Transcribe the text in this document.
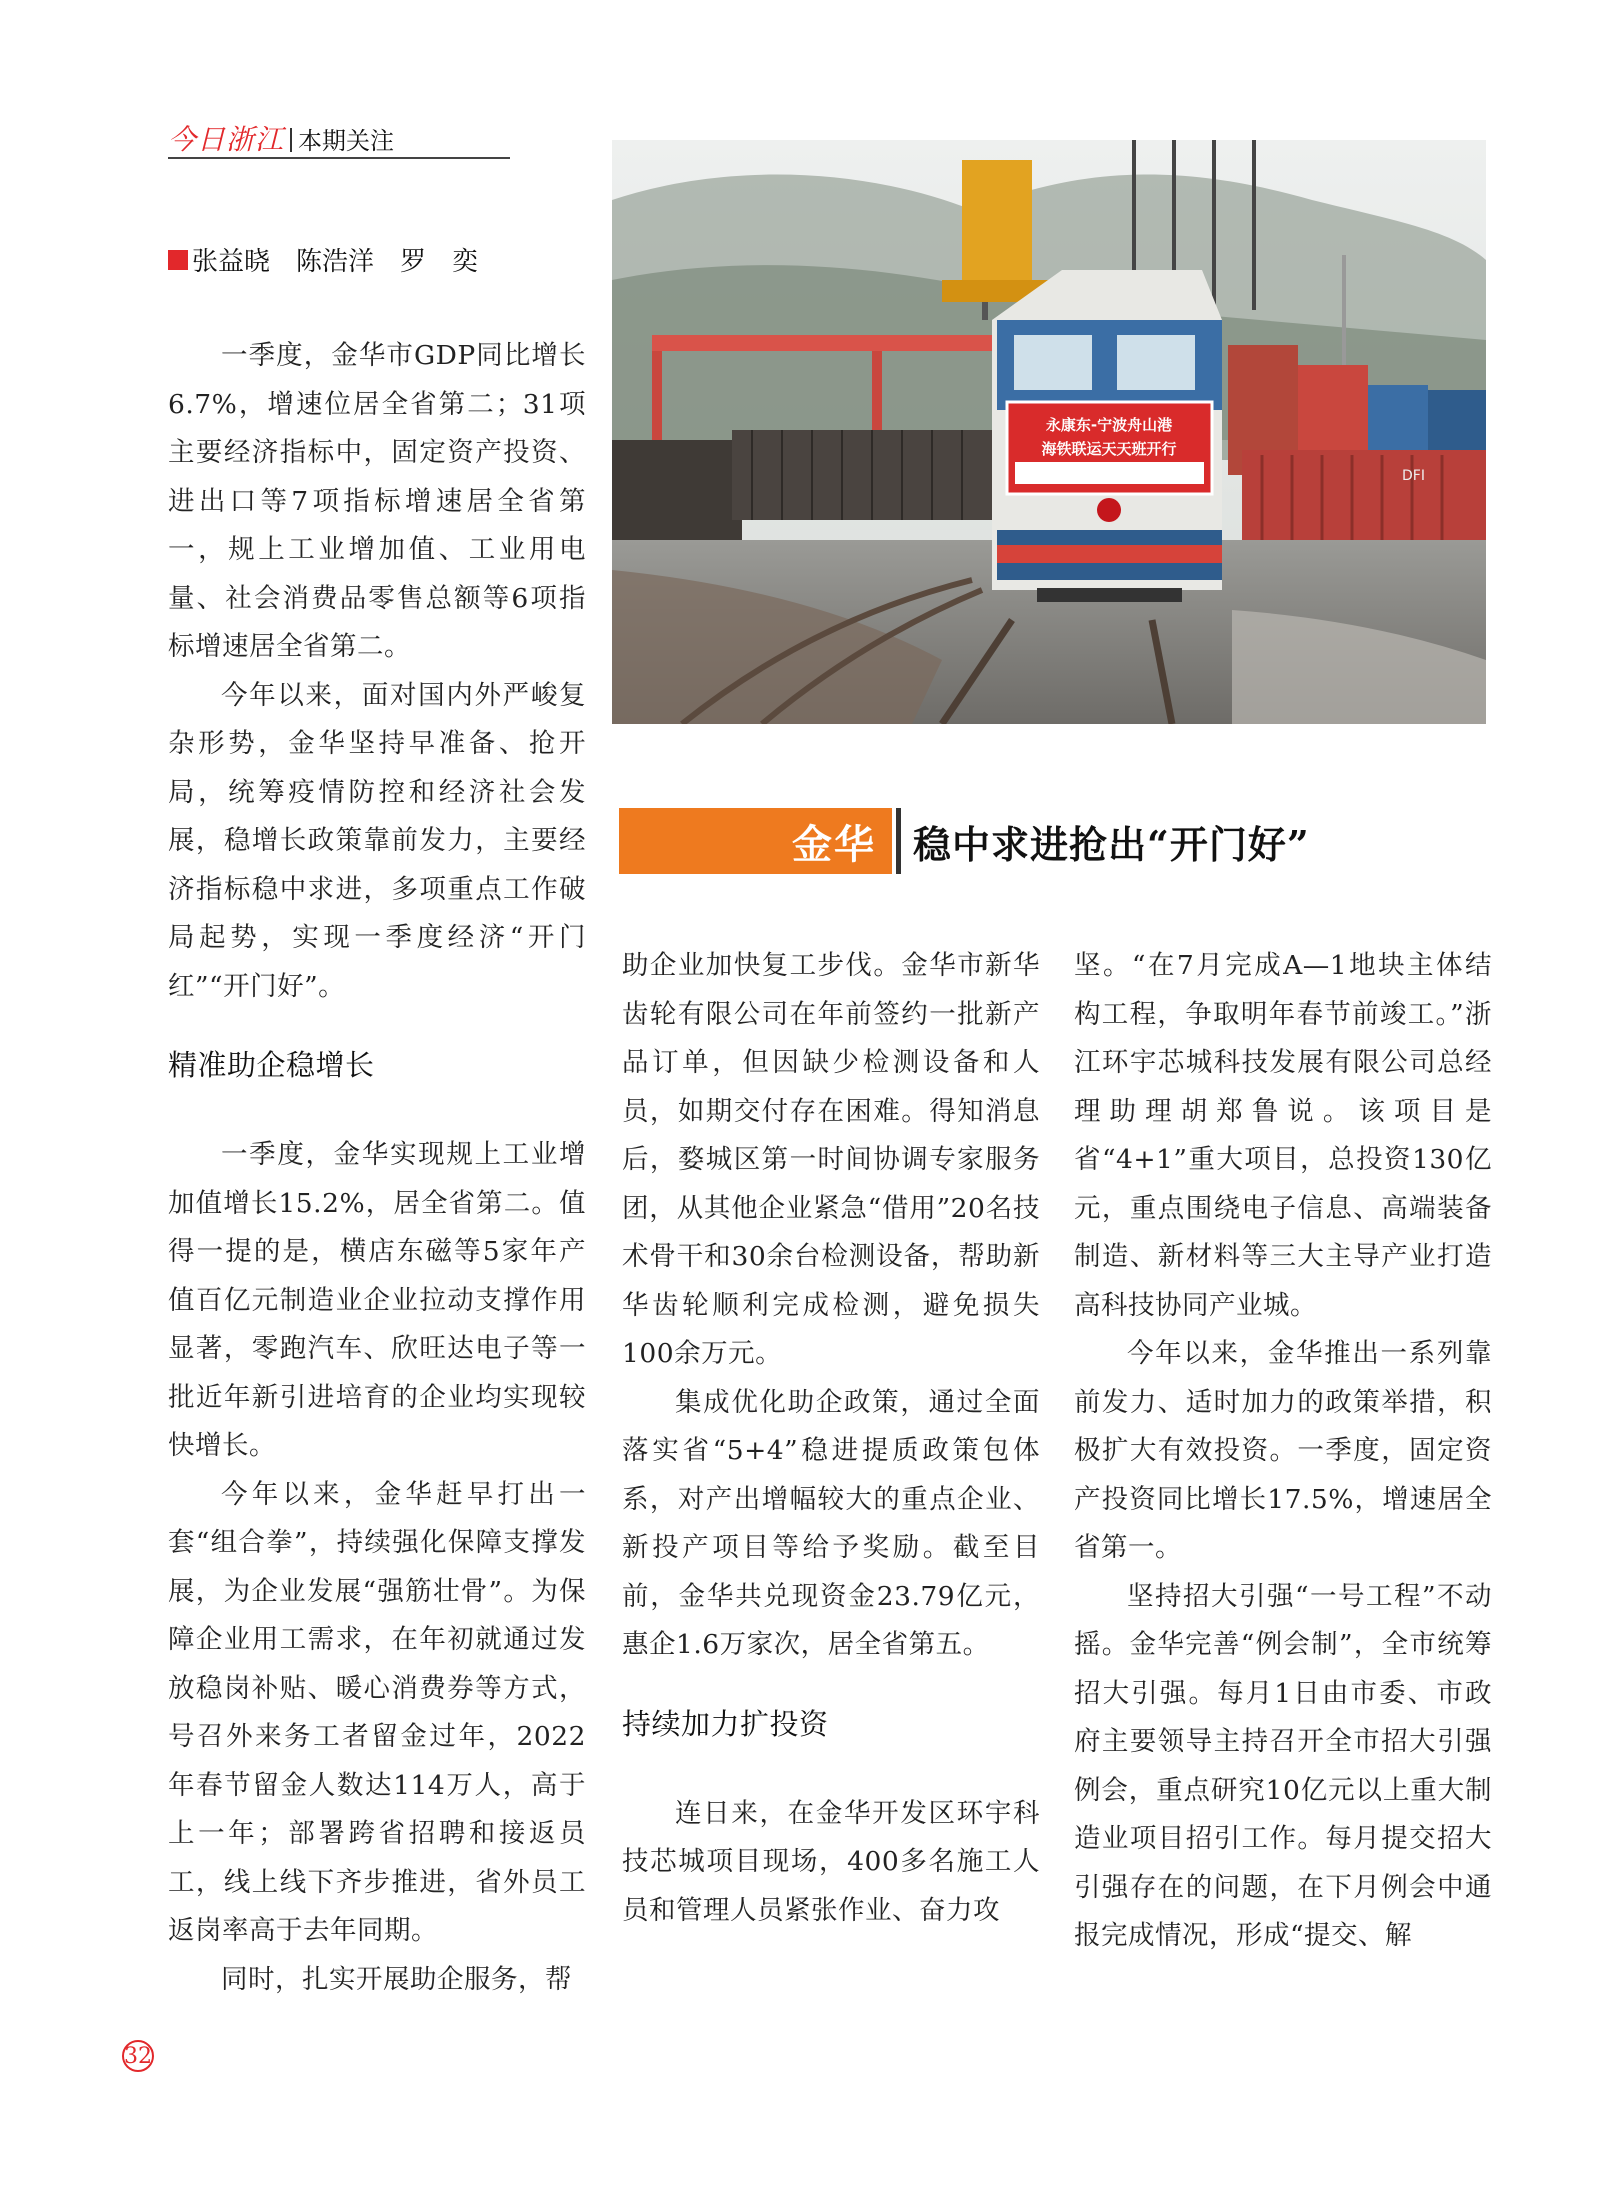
今日浙江 本期关注
张益晓　陈浩洋　罗　奕
DFI
永康东-宁波舟山港
海铁联运天天班开行
金华 稳中求进抢出“开门好”

一季度，金华市GDP同比增长6.7%，增速位居全省第二；31项主要经济指标中，固定资产投资、进出口等7项指标增速居全省第一，规上工业增加值、工业用电量、社会消费品零售总额等6项指标增速居全省第二。

今年以来，面对国内外严峻复杂形势，金华坚持早准备、抢开局，统筹疫情防控和经济社会发展，稳增长政策靠前发力，主要经济指标稳中求进，多项重点工作破局起势，实现一季度经济“开门红”“开门好”。

精准助企稳增长

一季度，金华实现规上工业增加值增长15.2%，居全省第二。值得一提的是，横店东磁等5家年产值百亿元制造业企业拉动支撑作用显著，零跑汽车、欣旺达电子等一批近年新引进培育的企业均实现较快增长。

今年以来，金华赶早打出一套“组合拳”，持续强化保障支撑发展，为企业发展“强筋壮骨”。为保障企业用工需求，在年初就通过发放稳岗补贴、暖心消费券等方式，号召外来务工者留金过年，2022年春节留金人数达114万人，高于上一年；部署跨省招聘和接返员工，线上线下齐步推进，省外员工返岗率高于去年同期。

同时，扎实开展助企服务，帮

助企业加快复工步伐。金华市新华齿轮有限公司在年前签约一批新产品订单，但因缺少检测设备和人员，如期交付存在困难。得知消息后，婺城区第一时间协调专家服务团，从其他企业紧急“借用”20名技术骨干和30余台检测设备，帮助新华齿轮顺利完成检测，避免损失100余万元。

集成优化助企政策，通过全面落实省“5+4”稳进提质政策包体系，对产出增幅较大的重点企业、新投产项目等给予奖励。截至目前，金华共兑现资金23.79亿元，惠企1.6万家次，居全省第五。

持续加力扩投资

连日来，在金华开发区环宇科技芯城项目现场，400多名施工人员和管理人员紧张作业、奋力攻

坚。“在7月完成A—1地块主体结构工程，争取明年春节前竣工。”浙江环宇芯城科技发展有限公司总经理助理胡郑鲁说。该项目是省“4+1”重大项目，总投资130亿元，重点围绕电子信息、高端装备制造、新材料等三大主导产业打造高科技协同产业城。

今年以来，金华推出一系列靠前发力、适时加力的政策举措，积极扩大有效投资。一季度，固定资产投资同比增长17.5%，增速居全省第一。

坚持招大引强“一号工程”不动摇。金华完善“例会制”，全市统筹招大引强。每月1日由市委、市政府主要领导主持召开全市招大引强例会，重点研究10亿元以上重大制造业项目招引工作。每月提交招大引强存在的问题，在下月例会中通报完成情况，形成“提交、解

32
